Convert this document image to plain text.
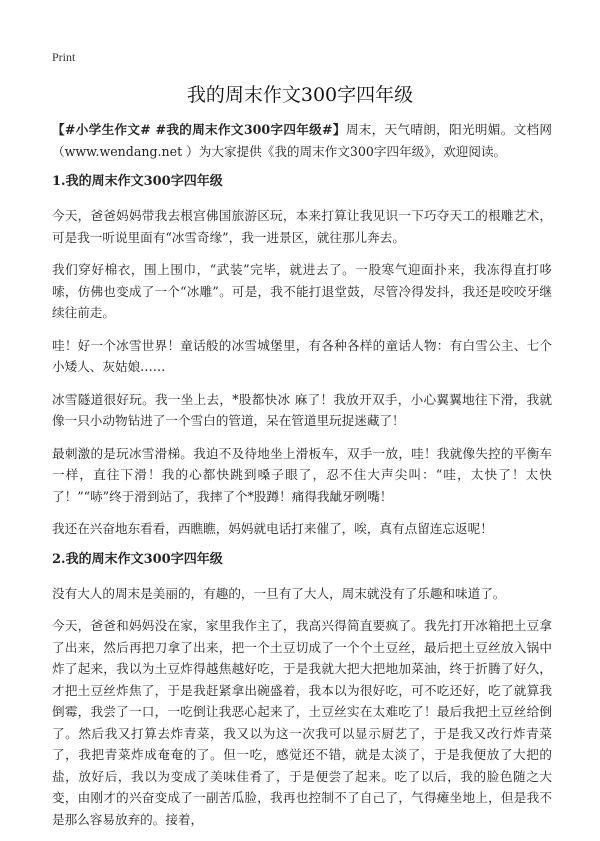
Print
我的周末作文300字四年级

【#小学生作文# #我的周末作文300字四年级#】周末，天气晴朗，阳光明媚。文档网（www.wendang.net ）为大家提供《我的周末作文300字四年级》，欢迎阅读。

1.我的周末作文300字四年级

今天，爸爸妈妈带我去根宫佛国旅游区玩，本来打算让我见识一下巧夺天工的根雕艺术，可是我一听说里面有“冰雪奇缘”，我一进景区，就往那儿奔去。

我们穿好棉衣，围上围巾，“武装”完毕，就进去了。一股寒气迎面扑来，我冻得直打哆嗦，仿佛也变成了一个“冰雕”。可是，我不能打退堂鼓，尽管冷得发抖，我还是咬咬牙继续往前走。

哇！好一个冰雪世界！童话般的冰雪城堡里，有各种各样的童话人物：有白雪公主、七个小矮人、灰姑娘……

冰雪隧道很好玩。我一坐上去，*股都快冰 麻了！我放开双手，小心翼翼地往下滑，我就像一只小动物钻进了一个雪白的管道，呆在管道里玩捉迷藏了！

最刺激的是玩冰雪滑梯。我迫不及待地坐上滑板车，双手一放，哇！我就像失控的平衡车一样，直往下滑！我的心都快跳到嗓子眼了，忍不住大声尖叫：“哇，太快了！太快了！”“哧”终于滑到站了，我摔了个*股蹲！痛得我龇牙咧嘴！

我还在兴奋地东看看，西瞧瞧，妈妈就电话打来催了，唉，真有点留连忘返呢！

2.我的周末作文300字四年级

没有大人的周末是美丽的，有趣的，一旦有了大人，周末就没有了乐趣和味道了。

今天，爸爸和妈妈没在家，家里我作主了，我高兴得简直要疯了。我先打开冰箱把土豆拿了出来，然后再把刀拿了出来，把一个土豆切成了一个个土豆丝，最后把土豆丝放入锅中炸了起来，我以为土豆炸得越焦越好吃，于是我就大把大把地加菜油，终于折腾了好久，才把土豆丝炸焦了，于是我赶紧拿出碗盛着，我本以为很好吃，可不吃还好，吃了就算我倒霉，我尝了一口，一吃倒让我恶心起来了，土豆丝实在太难吃了！最后我把土豆丝给倒了。然后我又打算去炸青菜，我又以为这一次我可以显示厨艺了，于是我又改行炸青菜了，我把青菜炸成奄奄的了。但一吃，感觉还不错，就是太淡了，于是我便放了大把的盐，放好后，我以为变成了美味佳肴了，于是便尝了起来。吃了以后，我的脸色随之大变，由刚才的兴奋变成了一副苦瓜脸，我再也控制不了自己了，气得瘫坐地上，但是我不是那么容易放弃的。接着，
